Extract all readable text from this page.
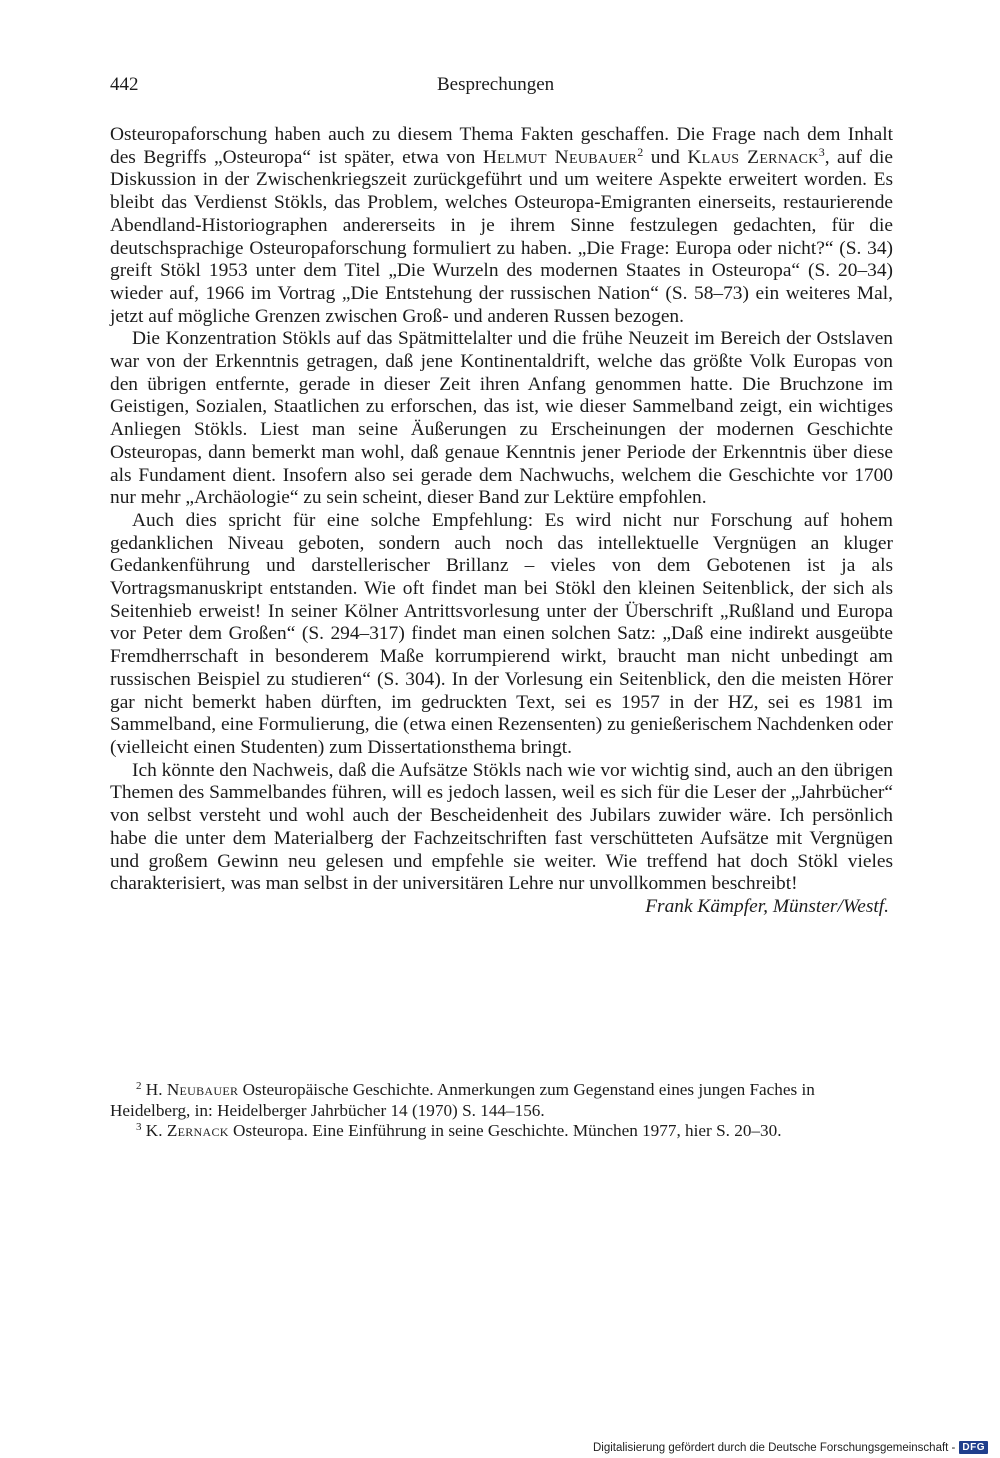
442	Besprechungen

Osteuropaforschung haben auch zu diesem Thema Fakten geschaffen. Die Frage nach dem Inhalt des Begriffs „Osteuropa“ ist später, etwa von Helmut Neubauer$^2$ und Klaus Zernack$^3$, auf die Diskussion in der Zwischenkriegszeit zurückgeführt und um weitere Aspekte erweitert worden. Es bleibt das Verdienst Stökls, das Problem, welches Osteuropa-Emigranten einerseits, restaurierende Abendland-Historiographen andererseits in je ihrem Sinne festzulegen gedachten, für die deutschsprachige Osteuropaforschung formuliert zu haben. „Die Frage: Europa oder nicht?“ (S. 34) greift Stökl 1953 unter dem Titel „Die Wurzeln des modernen Staates in Osteuropa“ (S. 20–34) wieder auf, 1966 im Vortrag „Die Entstehung der russischen Nation“ (S. 58–73) ein weiteres Mal, jetzt auf mögliche Grenzen zwischen Groß- und anderen Russen bezogen.

Die Konzentration Stökls auf das Spätmittelalter und die frühe Neuzeit im Bereich der Ostslaven war von der Erkenntnis getragen, daß jene Kontinentaldrift, welche das größte Volk Europas von den übrigen entfernte, gerade in dieser Zeit ihren Anfang genommen hatte. Die Bruchzone im Geistigen, Sozialen, Staatlichen zu erforschen, das ist, wie dieser Sammelband zeigt, ein wichtiges Anliegen Stökls. Liest man seine Äußerungen zu Erscheinungen der modernen Geschichte Osteuropas, dann bemerkt man wohl, daß genaue Kenntnis jener Periode der Erkenntnis über diese als Fundament dient. Insofern also sei gerade dem Nachwuchs, welchem die Geschichte vor 1700 nur mehr „Archäologie“ zu sein scheint, dieser Band zur Lektüre empfohlen.

Auch dies spricht für eine solche Empfehlung: Es wird nicht nur Forschung auf hohem gedanklichen Niveau geboten, sondern auch noch das intellektuelle Vergnügen an kluger Gedankenführung und darstellerischer Brillanz – vieles von dem Gebotenen ist ja als Vortragsmanuskript entstanden. Wie oft findet man bei Stökl den kleinen Seitenblick, der sich als Seitenhieb erweist! In seiner Kölner Antrittsvorlesung unter der Überschrift „Rußland und Europa vor Peter dem Großen“ (S. 294–317) findet man einen solchen Satz: „Daß eine indirekt ausgeübte Fremdherrschaft in besonderem Maße korrumpierend wirkt, braucht man nicht unbedingt am russischen Beispiel zu studieren“ (S. 304). In der Vorlesung ein Seitenblick, den die meisten Hörer gar nicht bemerkt haben dürften, im gedruckten Text, sei es 1957 in der HZ, sei es 1981 im Sammelband, eine Formulierung, die (etwa einen Rezensenten) zu genießerischem Nachdenken oder (vielleicht einen Studenten) zum Dissertationsthema bringt.

Ich könnte den Nachweis, daß die Aufsätze Stökls nach wie vor wichtig sind, auch an den übrigen Themen des Sammelbandes führen, will es jedoch lassen, weil es sich für die Leser der „Jahrbücher“ von selbst versteht und wohl auch der Bescheidenheit des Jubilars zuwider wäre. Ich persönlich habe die unter dem Materialberg der Fachzeitschriften fast verschütteten Aufsätze mit Vergnügen und großem Gewinn neu gelesen und empfehle sie weiter. Wie treffend hat doch Stökl vieles charakterisiert, was man selbst in der universitären Lehre nur unvollkommen beschreibt!

Frank Kämpfer, Münster/Westf.

$^2$ H. Neubauer Osteuropäische Geschichte. Anmerkungen zum Gegenstand eines jungen Faches in Heidelberg, in: Heidelberger Jahrbücher 14 (1970) S. 144–156.

$^3$ K. Zernack Osteuropa. Eine Einführung in seine Geschichte. München 1977, hier S. 20–30.

Digitalisierung gefördert durch die Deutsche Forschungsgemeinschaft - DFG
